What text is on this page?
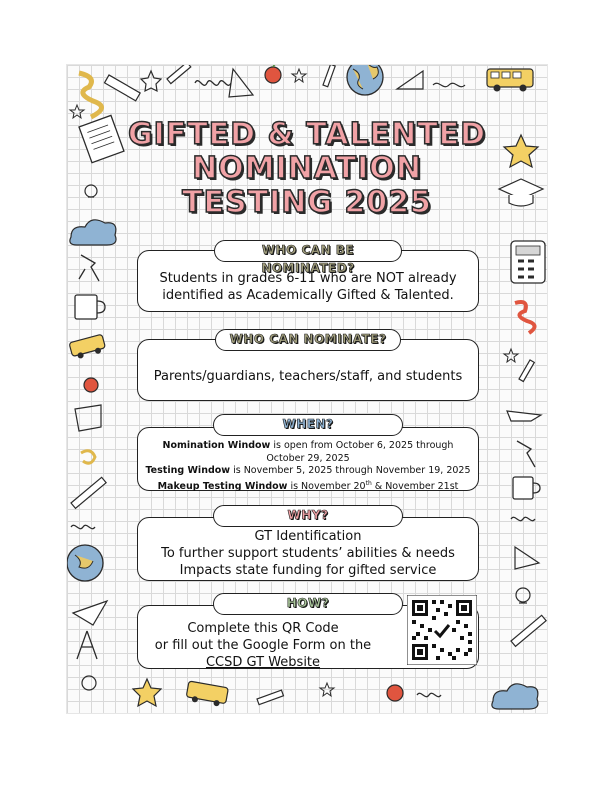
GIFTED & TALENTED
NOMINATION
TESTING 2025
Students in grades 6-11 who are NOT already
identified as Academically Gifted & Talented.
WHO CAN BE NOMINATED?
Parents/guardians, teachers/staff, and students
WHO CAN NOMINATE?
Nomination Window is open from October 6, 2025 through
October 29, 2025
Testing Window is November 5, 2025 through November 19, 2025
Makeup Testing Window is November 20th & November 21st
WHEN?
GT Identification
To further support students’ abilities & needs
Impacts state funding for gifted service
WHY?
Complete this QR Code
or fill out the Google Form on the
CCSD GT Website
HOW?
